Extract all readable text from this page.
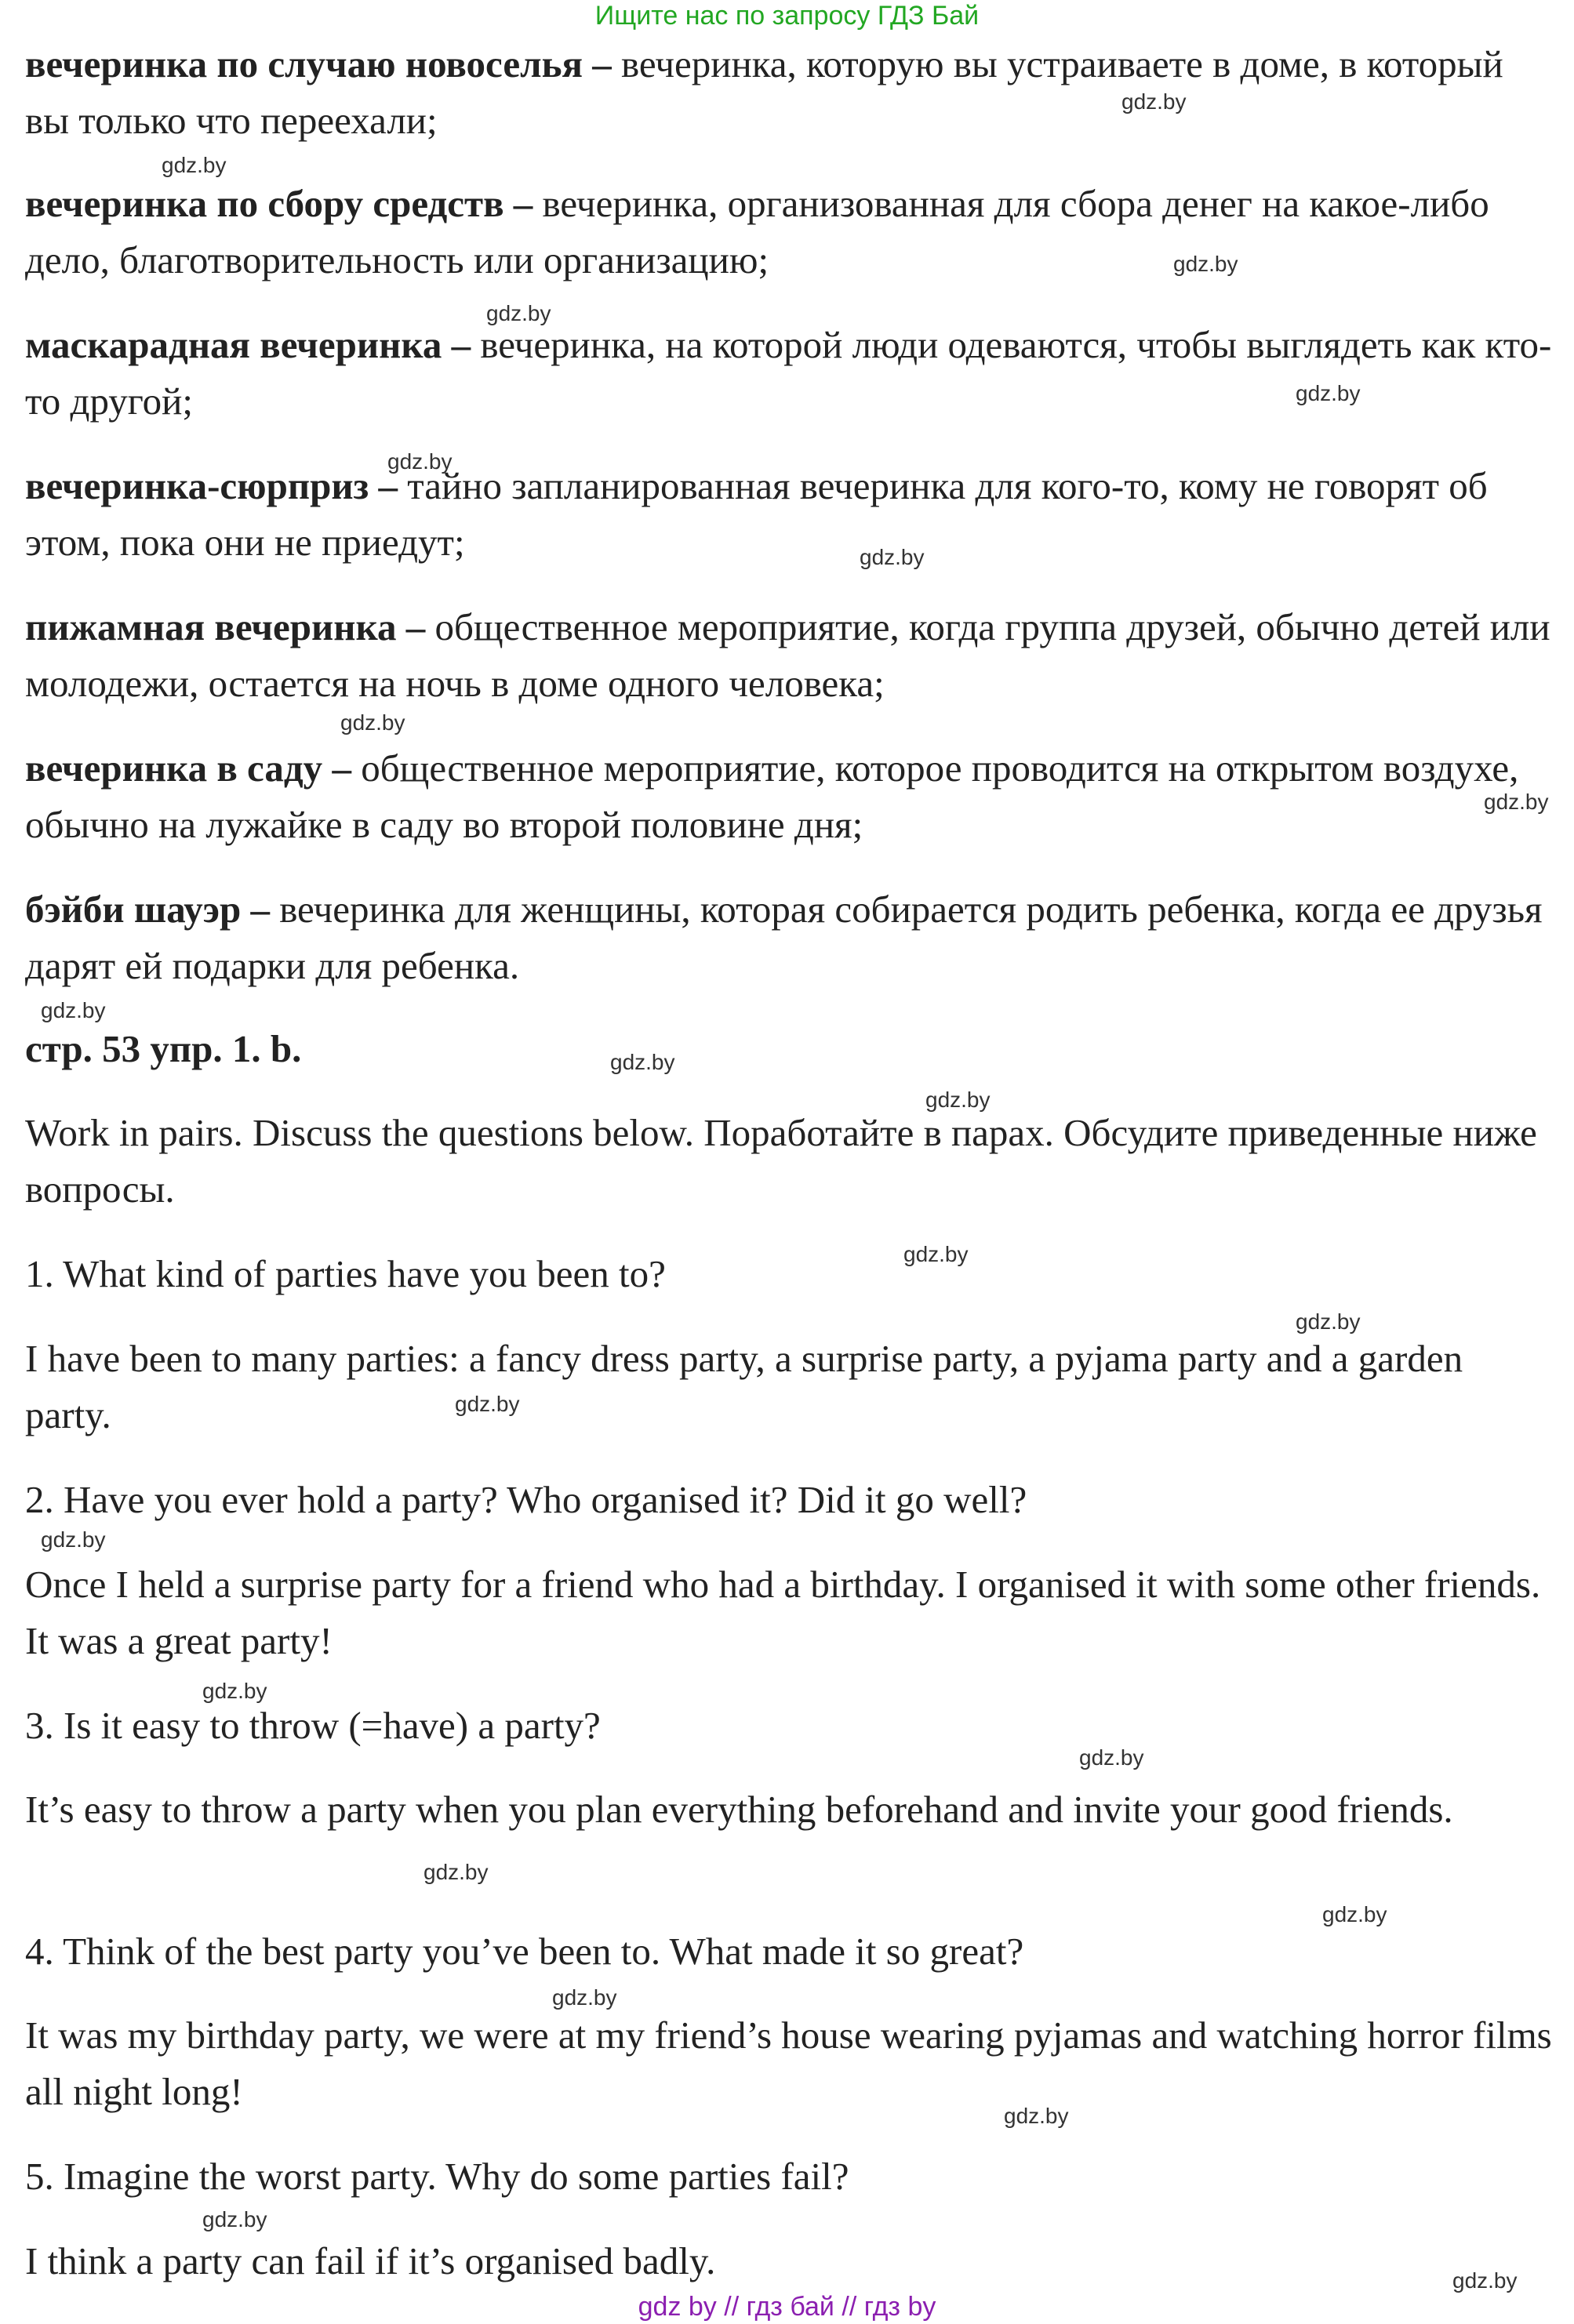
Ищите нас по запросу ГДЗ Бай

вечеринка по случаю новоселья – вечеринка, которую вы устраиваете в доме, в который вы только что переехали;

вечеринка по сбору средств – вечеринка, организованная для сбора денег на какое-либо дело, благотворительность или организацию;

маскарадная вечеринка – вечеринка, на которой люди одеваются, чтобы выглядеть как кто-то другой;

вечеринка-сюрприз – тайно запланированная вечеринка для кого-то, кому не говорят об этом, пока они не приедут;

пижамная вечеринка – общественное мероприятие, когда группа друзей, обычно детей или молодежи, остается на ночь в доме одного человека;

вечеринка в саду – общественное мероприятие, которое проводится на открытом воздухе, обычно на лужайке в саду во второй половине дня;

бэйби шауэр – вечеринка для женщины, которая собирается родить ребенка, когда ее друзья дарят ей подарки для ребенка.

стр. 53 упр. 1. b.

Work in pairs. Discuss the questions below. Поработайте в парах. Обсудите приведенные ниже вопросы.

1. What kind of parties have you been to?

I have been to many parties: a fancy dress party, a surprise party, a pyjama party and a garden party.

2. Have you ever hold a party? Who organised it? Did it go well?

Once I held a surprise party for a friend who had a birthday. I organised it with some other friends. It was a great party!

3. Is it easy to throw (=have) a party?

It’s easy to throw a party when you plan everything beforehand and invite your good friends.

4. Think of the best party you’ve been to. What made it so great?

It was my birthday party, we were at my friend’s house wearing pyjamas and watching horror films all night long!

5. Imagine the worst party. Why do some parties fail?

I think a party can fail if it’s organised badly.

gdz.by
gdz.by
gdz.by
gdz.by
gdz.by
gdz.by
gdz.by
gdz.by
gdz.by
gdz.by
gdz.by
gdz.by
gdz.by
gdz.by
gdz.by
gdz.by
gdz.by
gdz.by
gdz.by
gdz.by
gdz.by
gdz.by
gdz.by
gdz.by
gdz by // гдз бай // гдз by
